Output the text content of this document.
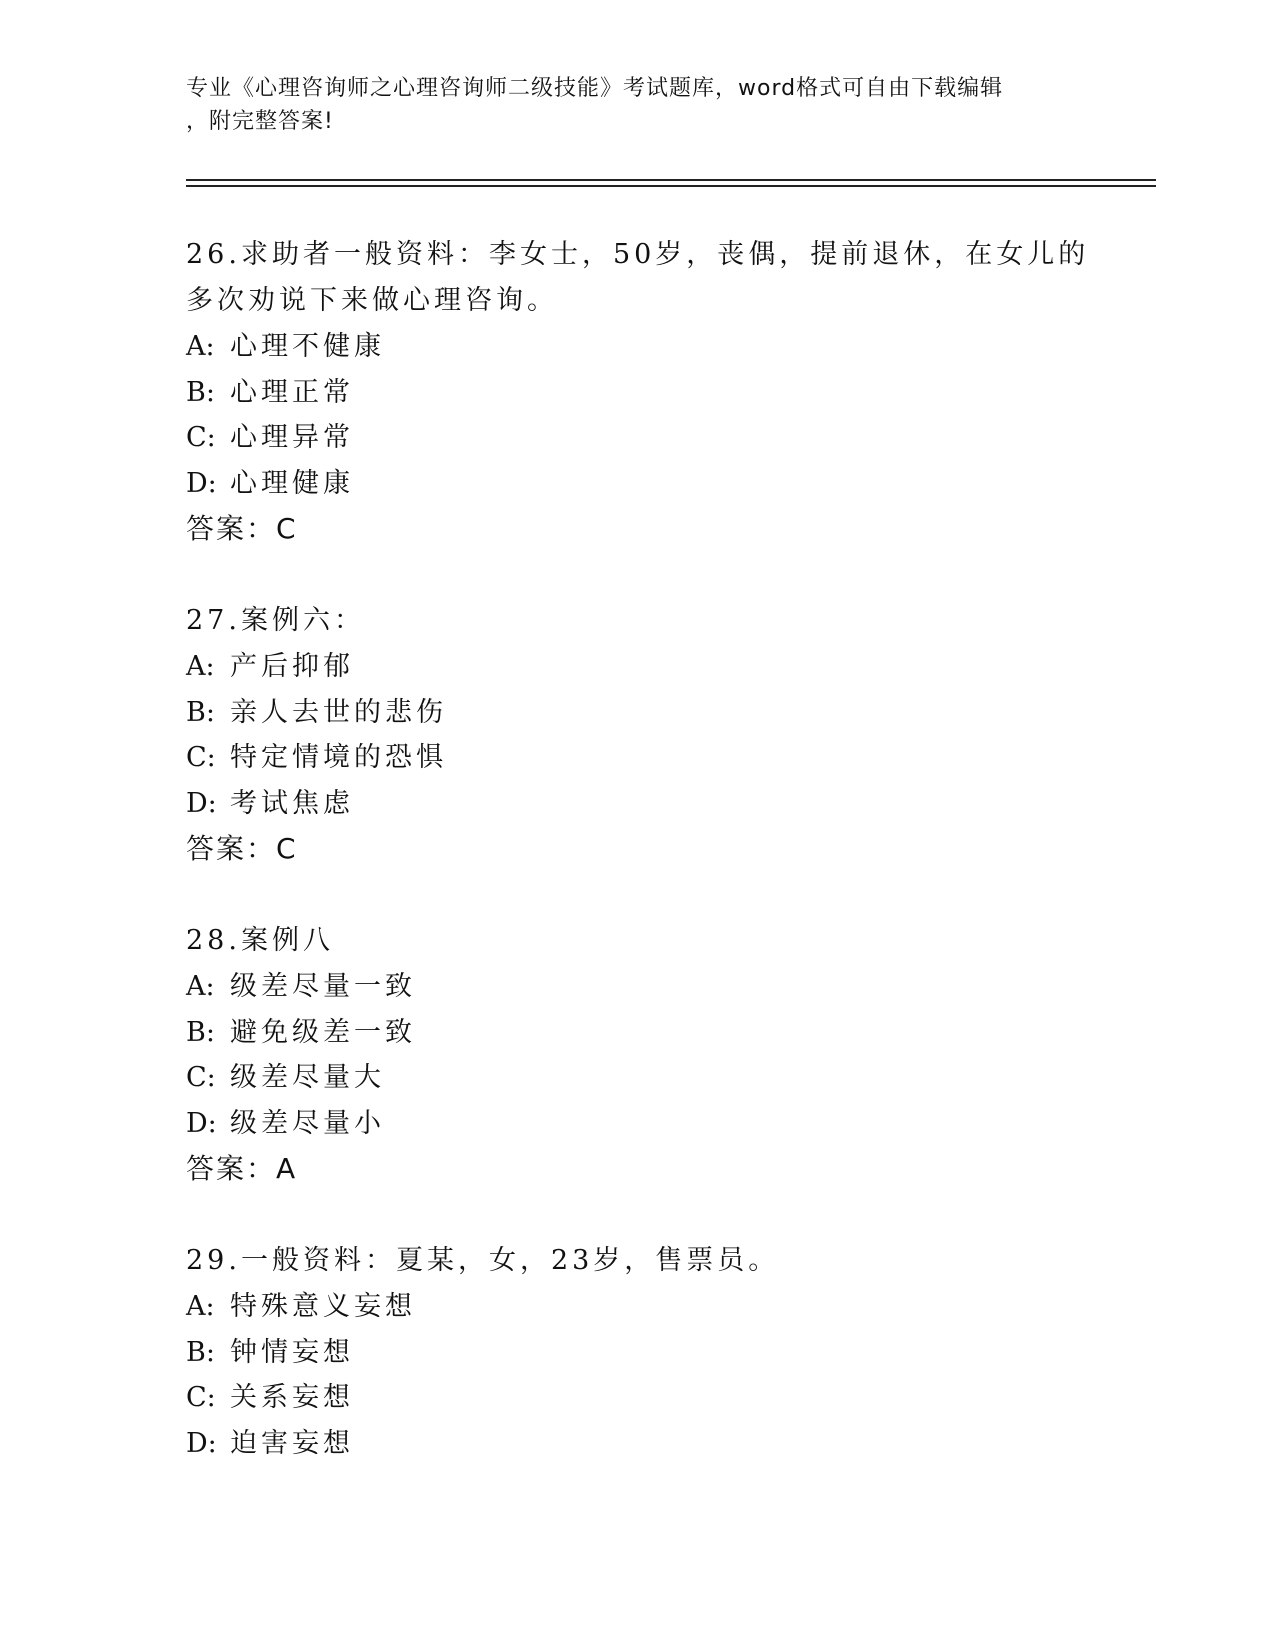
专业《心理咨询师之心理咨询师二级技能》考试题库，word格式可自由下载编辑
，附完整答案!
26.求助者一般资料：李女士，50岁，丧偶，提前退休，在女儿的多次劝说下来做心理咨询。
A: 心理不健康
B: 心理正常
C: 心理异常
D: 心理健康
答案：C
27.案例六：
A: 产后抑郁
B: 亲人去世的悲伤
C: 特定情境的恐惧
D: 考试焦虑
答案：C
28.案例八
A: 级差尽量一致
B: 避免级差一致
C: 级差尽量大
D: 级差尽量小
答案：A
29.一般资料：夏某，女，23岁，售票员。
A: 特殊意义妄想
B: 钟情妄想
C: 关系妄想
D: 迫害妄想
